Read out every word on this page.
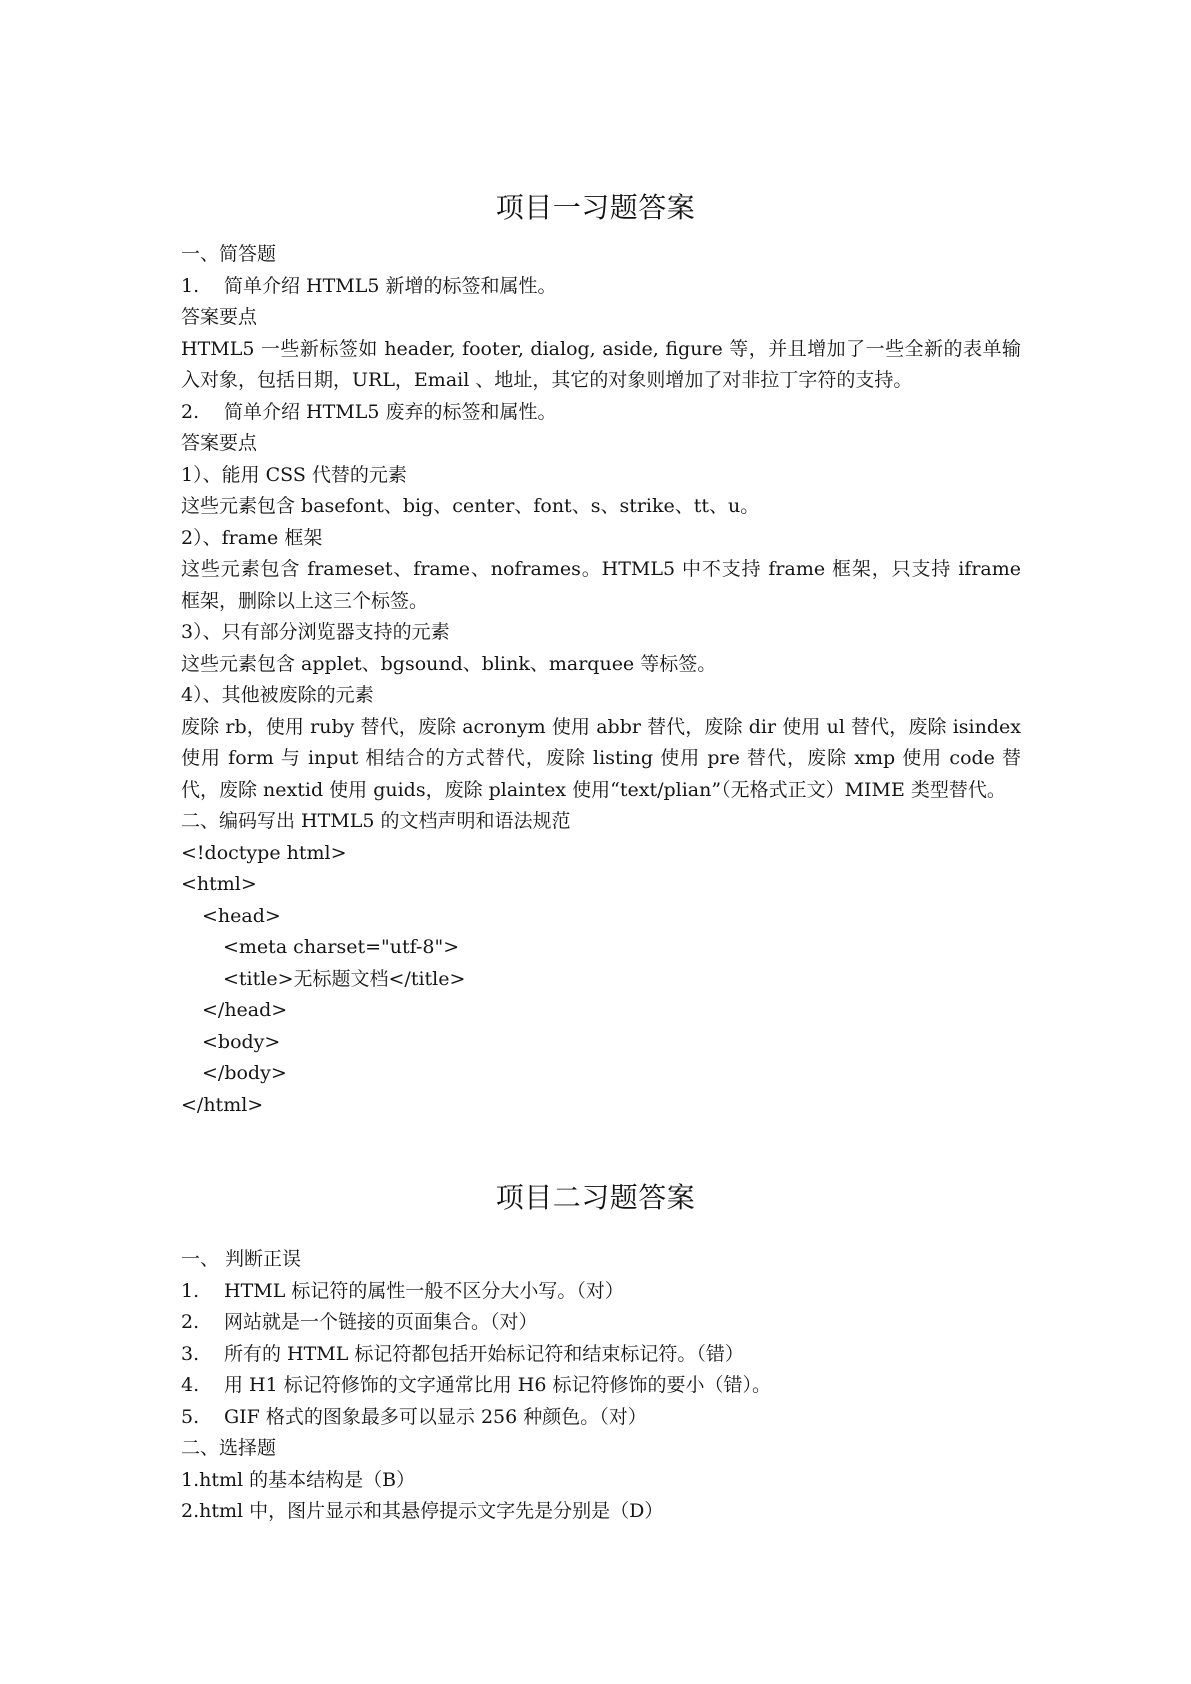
项目一习题答案
一、简答题
1.	简单介绍 HTML5 新增的标签和属性。
答案要点
HTML5 一些新标签如 header, footer, dialog, aside, figure 等，并且增加了一些全新的表单输入对象，包括日期，URL，Email 、地址，其它的对象则增加了对非拉丁字符的支持。
2.	简单介绍 HTML5 废弃的标签和属性。
答案要点
1）、能用 CSS 代替的元素
这些元素包含 basefont、big、center、font、s、strike、tt、u。
2）、frame 框架
这些元素包含 frameset、frame、noframes。HTML5 中不支持 frame 框架，只支持 iframe 框架，删除以上这三个标签。
3）、只有部分浏览器支持的元素
这些元素包含 applet、bgsound、blink、marquee 等标签。
4）、其他被废除的元素
废除 rb，使用 ruby 替代，废除 acronym 使用 abbr 替代，废除 dir 使用 ul 替代，废除 isindex 使用 form 与 input 相结合的方式替代，废除 listing 使用 pre 替代，废除 xmp 使用 code 替代，废除 nextid 使用 guids，废除 plaintex 使用“text/plian”（无格式正文）MIME 类型替代。
二、编码写出 HTML5 的文档声明和语法规范
<!doctype html>
<html>
<head>
<meta charset="utf-8">
<title>无标题文档</title>
</head>
<body>
</body>
</html>
项目二习题答案
一、 判断正误
1.	HTML 标记符的属性一般不区分大小写。（对）
2.	网站就是一个链接的页面集合。（对）
3.	所有的 HTML 标记符都包括开始标记符和结束标记符。（错）
4.	用 H1 标记符修饰的文字通常比用 H6 标记符修饰的要小（错）。
5.	GIF 格式的图象最多可以显示 256 种颜色。（对）
二、选择题
1.html 的基本结构是（B）
2.html 中，图片显示和其悬停提示文字先是分别是（D）
